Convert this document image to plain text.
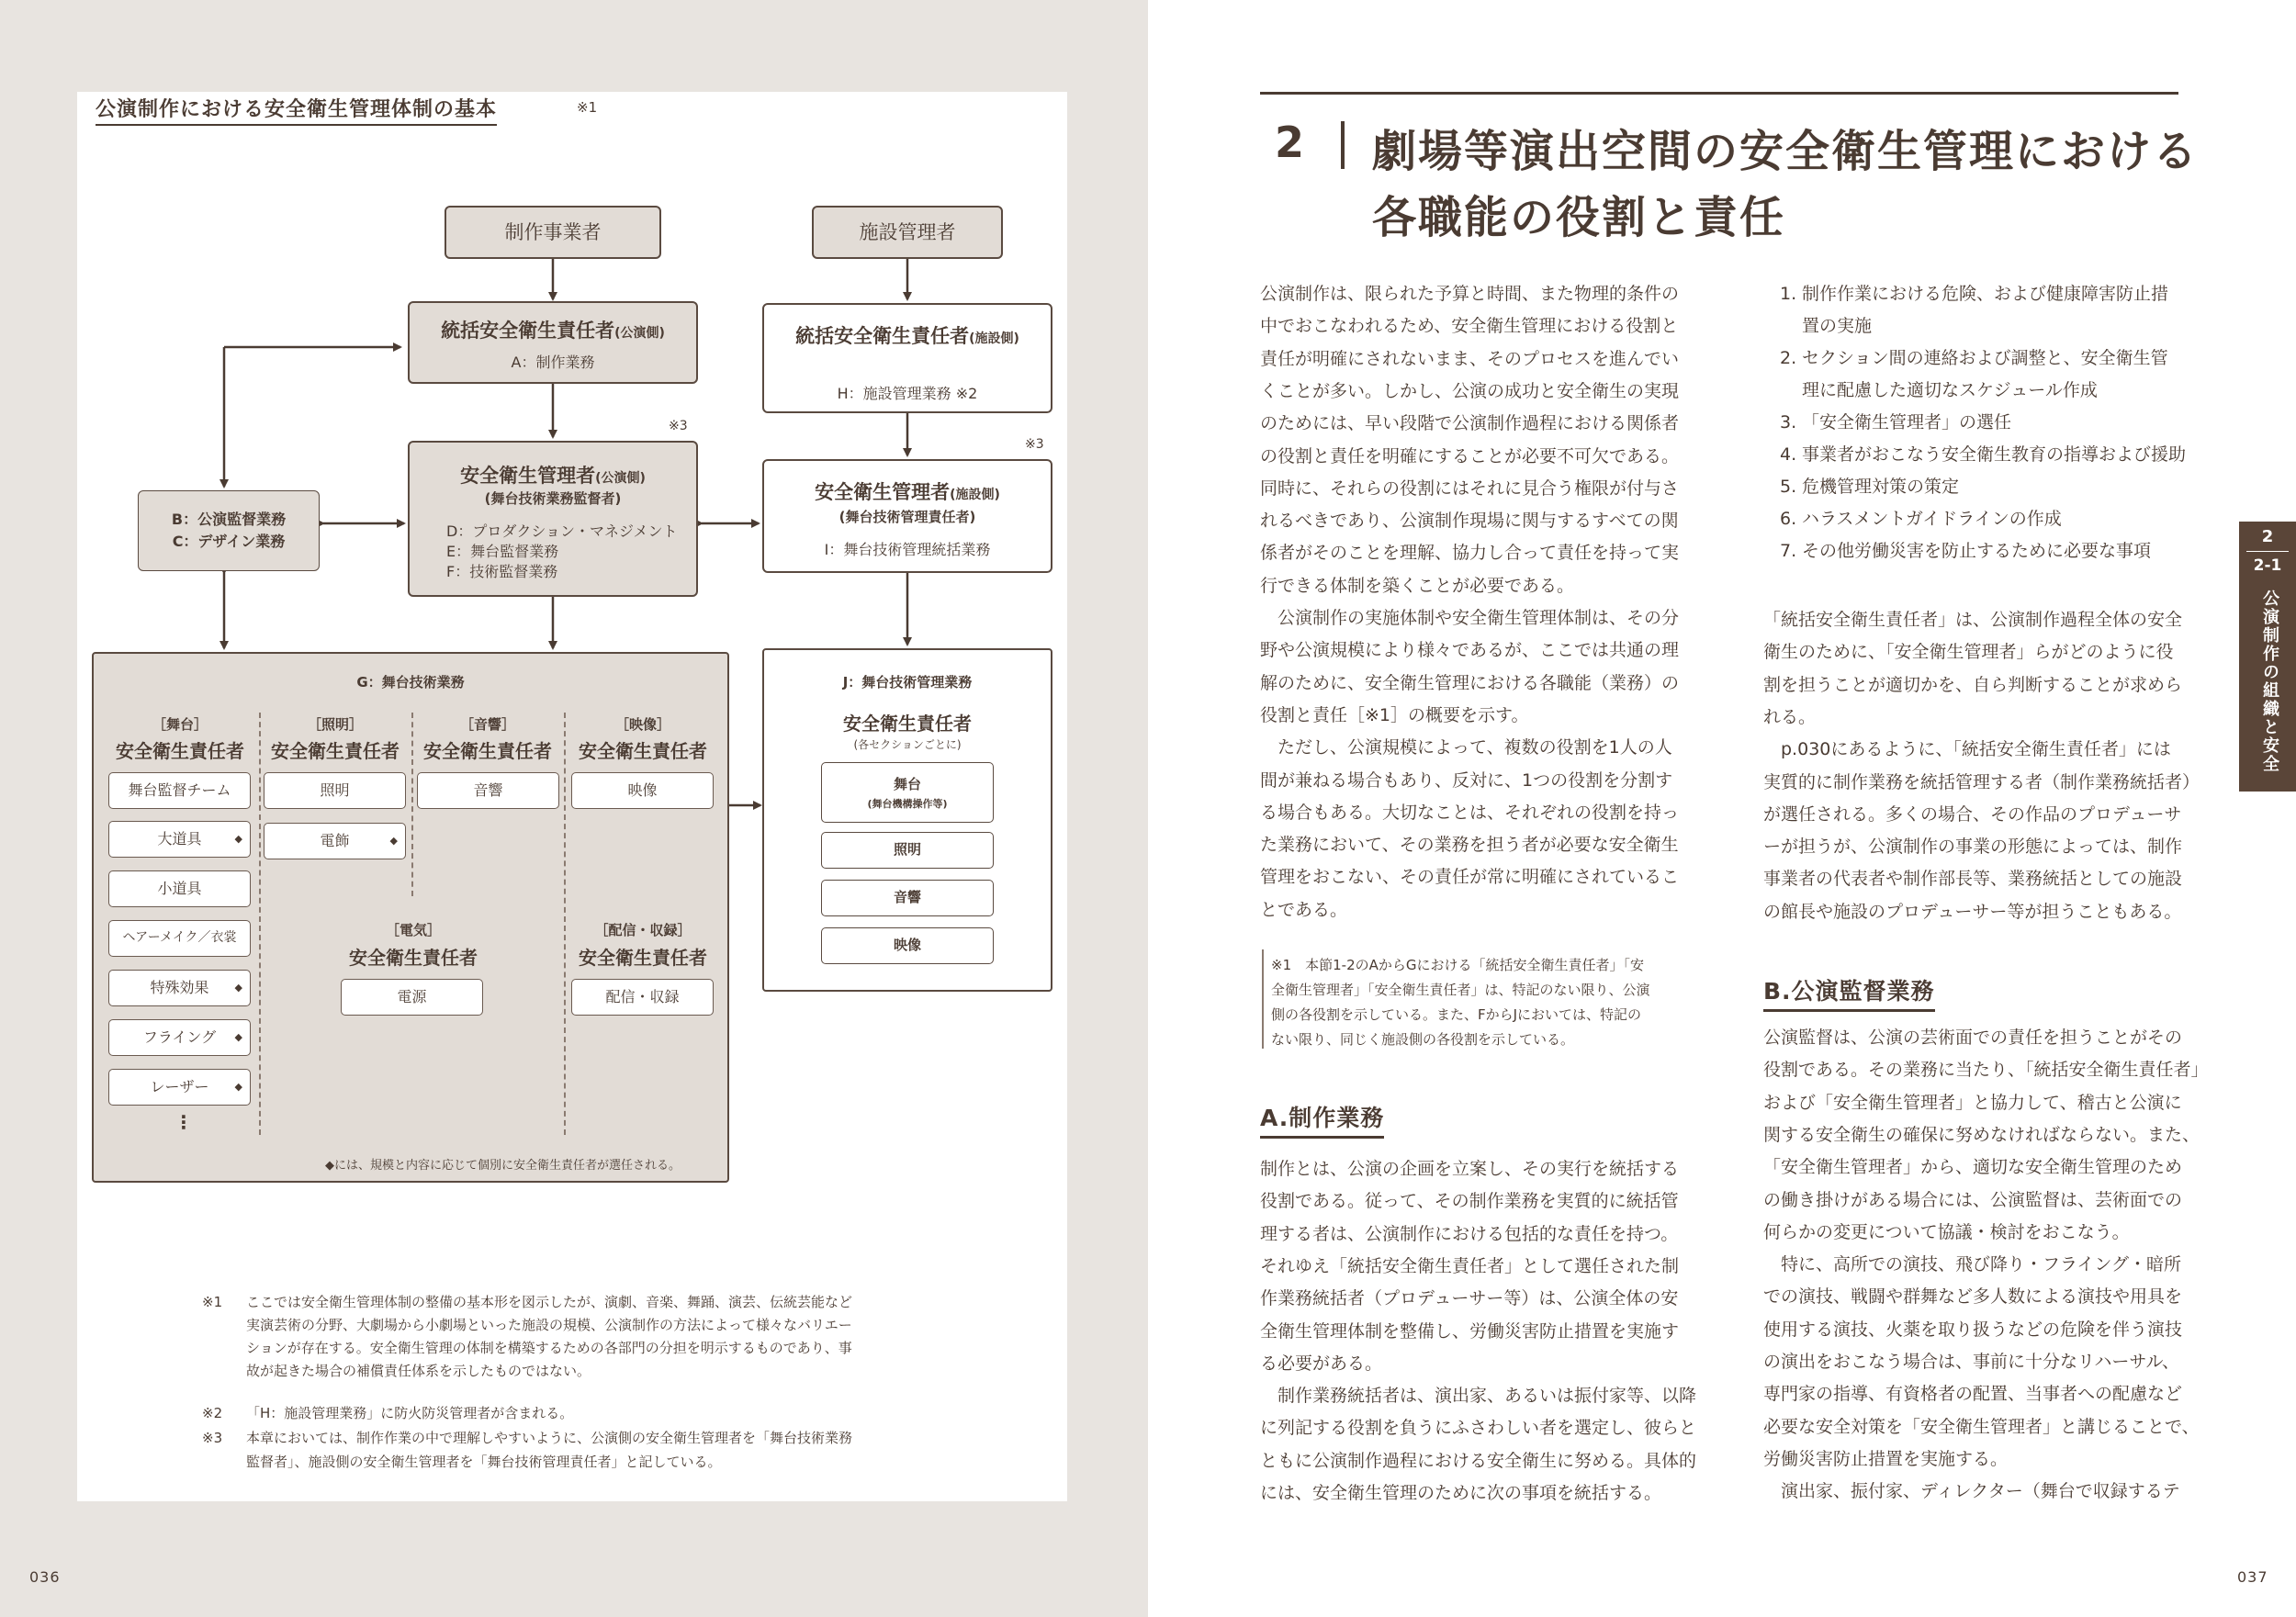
公演制作における安全衛生管理体制の基本	※1
制作事業者	施設管理者
統括安全衛生責任者(公演側)
A：制作業務
統括安全衛生責任者(施設側)
H：施設管理業務 ※2
※3
安全衛生管理者(公演側)
(舞台技術業務監督者)
D：プロダクション・マネジメント
E：舞台監督業務
F：技術監督業務
※3
安全衛生管理者(施設側)
(舞台技術管理責任者)
I：舞台技術管理統括業務
B：公演監督業務
C：デザイン業務
G：舞台技術業務
［舞台］
安全衛生責任者
舞台監督チーム
大道具	◆
小道具
ヘアーメイク／衣裳
特殊効果	◆
フライング ◆
レーザー	◆
⋮
［照明］
安全衛生責任者
照明
電飾	◆
［音響］
安全衛生責任者
音響
［映像］
安全衛生責任者
映像
［電気］
安全衛生責任者
電源
［配信・収録］
安全衛生責任者
配信・収録
◆には、規模と内容に応じて個別に安全衛生責任者が選任される。
J：舞台技術管理業務
安全衛生責任者
(各セクションごとに)
舞台
(舞台機構操作等)
照明
音響
映像
※1 ここでは安全衛生管理体制の整備の基本形を図示したが、演劇、音楽、舞踊、演芸、伝統芸能など
実演芸術の分野、大劇場から小劇場といった施設の規模、公演制作の方法によって様々なバリエー
ションが存在する。安全衛生管理の体制を構築するための各部門の分担を明示するものであり、事
故が起きた場合の補償責任体系を示したものではない。
※2 「H：施設管理業務」に防火防災管理者が含まれる。
※3 本章においては、制作作業の中で理解しやすいように、公演側の安全衛生管理者を「舞台技術業務
監督者」、施設側の安全衛生管理者を「舞台技術管理責任者」と記している。
036
2 劇場等演出空間の安全衛生管理における
各職能の役割と責任
2
2-1
公演制作の組織と安全
公演制作は、限られた予算と時間、また物理的条件の
中でおこなわれるため、安全衛生管理における役割と
責任が明確にされないまま、そのプロセスを進んでい
くことが多い。しかし、公演の成功と安全衛生の実現
のためには、早い段階で公演制作過程における関係者
の役割と責任を明確にすることが必要不可欠である。
同時に、それらの役割にはそれに見合う権限が付与さ
れるべきであり、公演制作現場に関与するすべての関
係者がそのことを理解、協力し合って責任を持って実
行できる体制を築くことが必要である。
　公演制作の実施体制や安全衛生管理体制は、その分
野や公演規模により様々であるが、ここでは共通の理
解のために、安全衛生管理における各職能（業務）の
役割と責任［※1］の概要を示す。
　ただし、公演規模によって、複数の役割を1人の人
間が兼ねる場合もあり、反対に、1つの役割を分割す
る場合もある。大切なことは、それぞれの役割を持っ
た業務において、その業務を担う者が必要な安全衛生
管理をおこない、その責任が常に明確にされているこ
とである。
※1　本節1-2のAからGにおける「統括安全衛生責任者」「安
全衛生管理者」「安全衛生責任者」は、特記のない限り、公演
側の各役割を示している。また、FからJにおいては、特記の
ない限り、同じく施設側の各役割を示している。
A.制作業務
制作とは、公演の企画を立案し、その実行を統括する
役割である。従って、その制作業務を実質的に統括管
理する者は、公演制作における包括的な責任を持つ。
それゆえ「統括安全衛生責任者」として選任された制
作業務統括者（プロデューサー等）は、公演全体の安
全衛生管理体制を整備し、労働災害防止措置を実施す
る必要がある。
　制作業務統括者は、演出家、あるいは振付家等、以降
に列記する役割を負うにふさわしい者を選定し、彼らと
ともに公演制作過程における安全衛生に努める。具体的
には、安全衛生管理のために次の事項を統括する。
1. 制作作業における危険、および健康障害防止措
置の実施
2. セクション間の連絡および調整と、安全衛生管
理に配慮した適切なスケジュール作成
3. 「安全衛生管理者」の選任
4. 事業者がおこなう安全衛生教育の指導および援助
5. 危機管理対策の策定
6. ハラスメントガイドラインの作成
7. その他労働災害を防止するために必要な事項
「統括安全衛生責任者」は、公演制作過程全体の安全
衛生のために、「安全衛生管理者」らがどのように役
割を担うことが適切かを、自ら判断することが求めら
れる。
　p.030にあるように、「統括安全衛生責任者」には
実質的に制作業務を統括管理する者（制作業務統括者）
が選任される。多くの場合、その作品のプロデューサ
ーが担うが、公演制作の事業の形態によっては、制作
事業者の代表者や制作部長等、業務統括としての施設
の館長や施設のプロデューサー等が担うこともある。
B.公演監督業務
公演監督は、公演の芸術面での責任を担うことがその
役割である。その業務に当たり、「統括安全衛生責任者」
および「安全衛生管理者」と協力して、稽古と公演に
関する安全衛生の確保に努めなければならない。また、
「安全衛生管理者」から、適切な安全衛生管理のため
の働き掛けがある場合には、公演監督は、芸術面での
何らかの変更について協議・検討をおこなう。
　特に、高所での演技、飛び降り・フライング・暗所
での演技、戦闘や群舞など多人数による演技や用具を
使用する演技、火薬を取り扱うなどの危険を伴う演技
の演出をおこなう場合は、事前に十分なリハーサル、
専門家の指導、有資格者の配置、当事者への配慮など
必要な安全対策を「安全衛生管理者」と講じることで、
労働災害防止措置を実施する。
　演出家、振付家、ディレクター（舞台で収録するテ
037
